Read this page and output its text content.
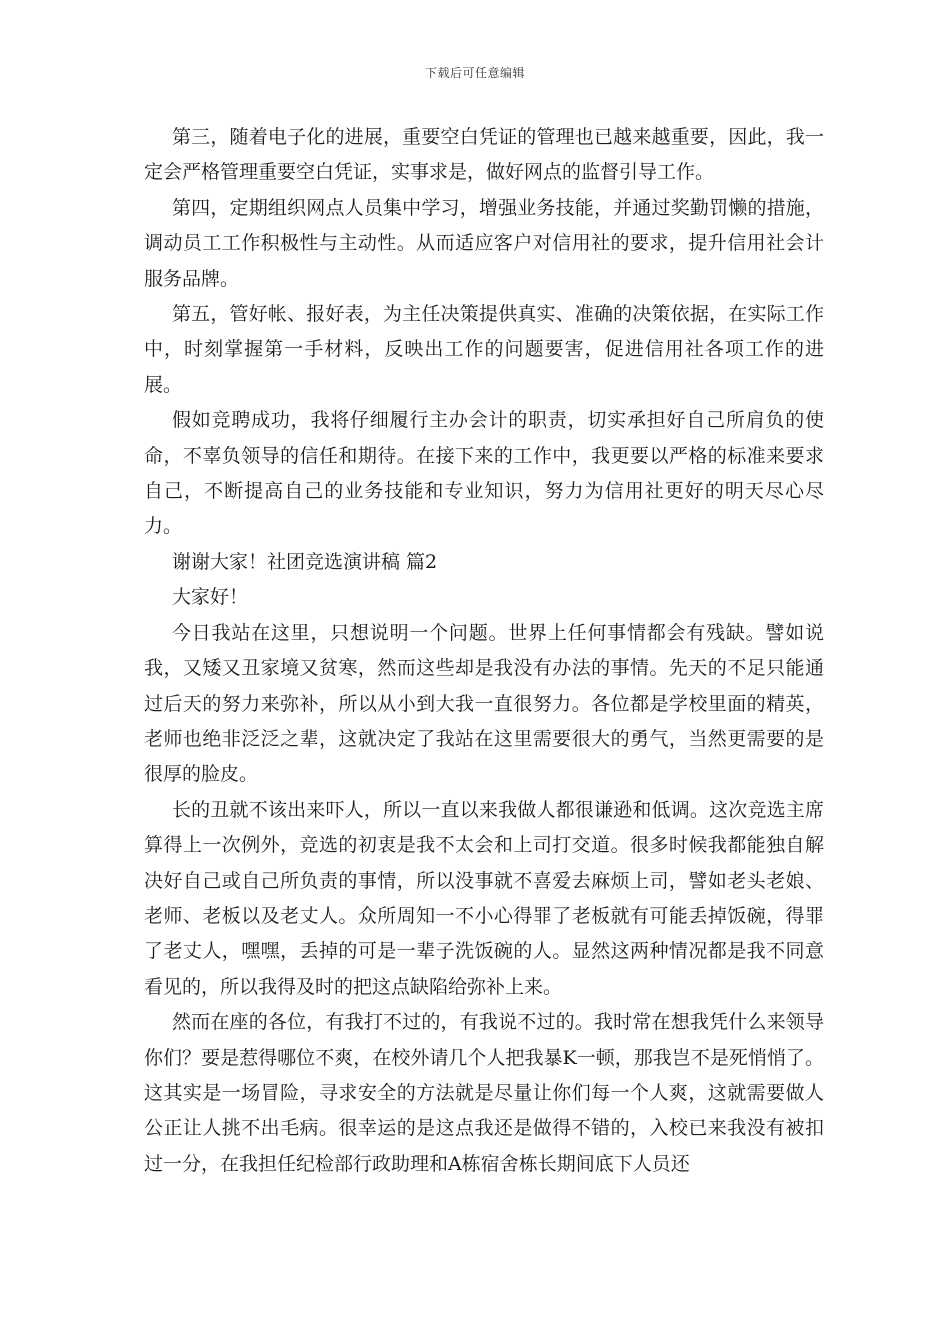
下载后可任意编辑

第三，随着电子化的进展，重要空白凭证的管理也已越来越重要，因此，我一定会严格管理重要空白凭证，实事求是，做好网点的监督引导工作。

第四，定期组织网点人员集中学习，增强业务技能，并通过奖勤罚懒的措施，调动员工工作积极性与主动性。从而适应客户对信用社的要求，提升信用社会计服务品牌。

第五，管好帐、报好表，为主任决策提供真实、准确的决策依据，在实际工作中，时刻掌握第一手材料，反映出工作的问题要害，促进信用社各项工作的进展。

假如竞聘成功，我将仔细履行主办会计的职责，切实承担好自己所肩负的使命，不辜负领导的信任和期待。在接下来的工作中，我更要以严格的标准来要求自己，不断提高自己的业务技能和专业知识，努力为信用社更好的明天尽心尽力。

谢谢大家！社团竞选演讲稿 篇2

大家好！

今日我站在这里，只想说明一个问题。世界上任何事情都会有残缺。譬如说我，又矮又丑家境又贫寒，然而这些却是我没有办法的事情。先天的不足只能通过后天的努力来弥补，所以从小到大我一直很努力。各位都是学校里面的精英，老师也绝非泛泛之辈，这就决定了我站在这里需要很大的勇气，当然更需要的是很厚的脸皮。

长的丑就不该出来吓人，所以一直以来我做人都很谦逊和低调。这次竞选主席算得上一次例外，竞选的初衷是我不太会和上司打交道。很多时候我都能独自解决好自己或自己所负责的事情，所以没事就不喜爱去麻烦上司，譬如老头老娘、老师、老板以及老丈人。众所周知一不小心得罪了老板就有可能丢掉饭碗，得罪了老丈人，嘿嘿，丢掉的可是一辈子洗饭碗的人。显然这两种情况都是我不同意看见的，所以我得及时的把这点缺陷给弥补上来。

然而在座的各位，有我打不过的，有我说不过的。我时常在想我凭什么来领导你们？要是惹得哪位不爽，在校外请几个人把我暴K一顿，那我岂不是死悄悄了。这其实是一场冒险，寻求安全的方法就是尽量让你们每一个人爽，这就需要做人公正让人挑不出毛病。很幸运的是这点我还是做得不错的，入校已来我没有被扣过一分，在我担任纪检部行政助理和A栋宿舍栋长期间底下人员还
